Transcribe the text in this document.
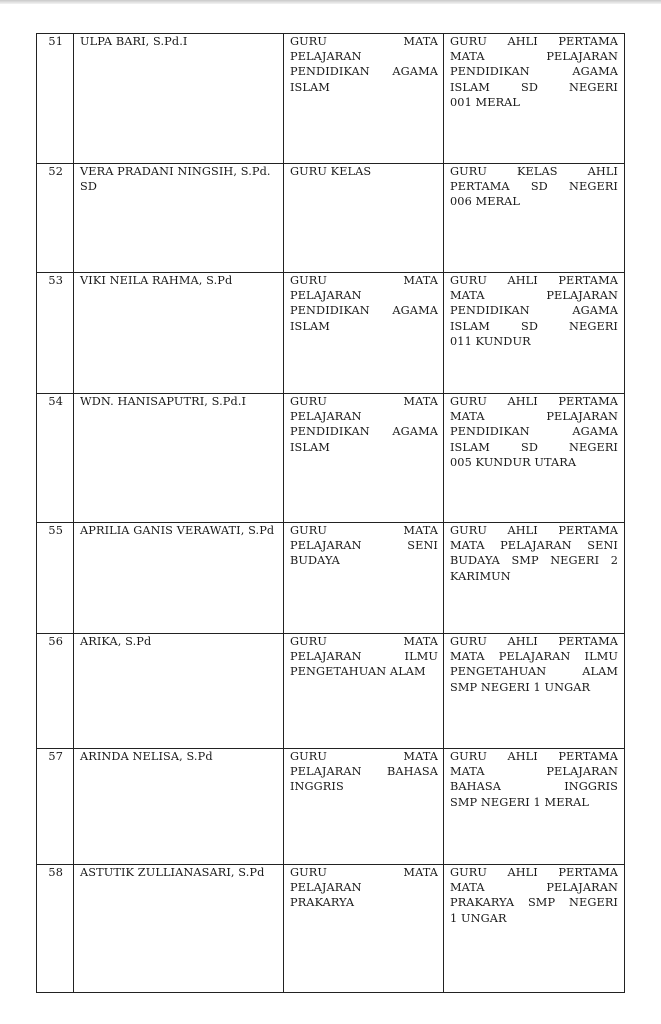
51	ULPA BARI, S.Pd.I	GURU MATA
PELAJARAN
PENDIDIKAN AGAMA
ISLAM	GURU AHLI PERTAMA
MATA PELAJARAN
PENDIDIKAN AGAMA
ISLAM SD NEGERI
001 MERAL

52	VERA PRADANI NINGSIH, S.Pd. SD	GURU KELAS	GURU KELAS AHLI
PERTAMA SD NEGERI
006 MERAL

53	VIKI NEILA RAHMA, S.Pd	GURU MATA
PELAJARAN
PENDIDIKAN AGAMA
ISLAM	GURU AHLI PERTAMA
MATA PELAJARAN
PENDIDIKAN AGAMA
ISLAM SD NEGERI
011 KUNDUR

54	WDN. HANISAPUTRI, S.Pd.I	GURU MATA
PELAJARAN
PENDIDIKAN AGAMA
ISLAM	GURU AHLI PERTAMA
MATA PELAJARAN
PENDIDIKAN AGAMA
ISLAM SD NEGERI
005 KUNDUR UTARA

55	APRILIA GANIS VERAWATI, S.Pd	GURU MATA
PELAJARAN SENI
BUDAYA	GURU AHLI PERTAMA
MATA PELAJARAN SENI
BUDAYA SMP NEGERI 2
KARIMUN

56	ARIKA, S.Pd	GURU MATA
PELAJARAN ILMU
PENGETAHUAN ALAM	GURU AHLI PERTAMA
MATA PELAJARAN ILMU
PENGETAHUAN ALAM
SMP NEGERI 1 UNGAR

57	ARINDA NELISA, S.Pd	GURU MATA
PELAJARAN BAHASA
INGGRIS	GURU AHLI PERTAMA
MATA PELAJARAN
BAHASA INGGRIS
SMP NEGERI 1 MERAL

58	ASTUTIK ZULLIANASARI, S.Pd	GURU MATA
PELAJARAN
PRAKARYA	GURU AHLI PERTAMA
MATA PELAJARAN
PRAKARYA SMP NEGERI
1 UNGAR
